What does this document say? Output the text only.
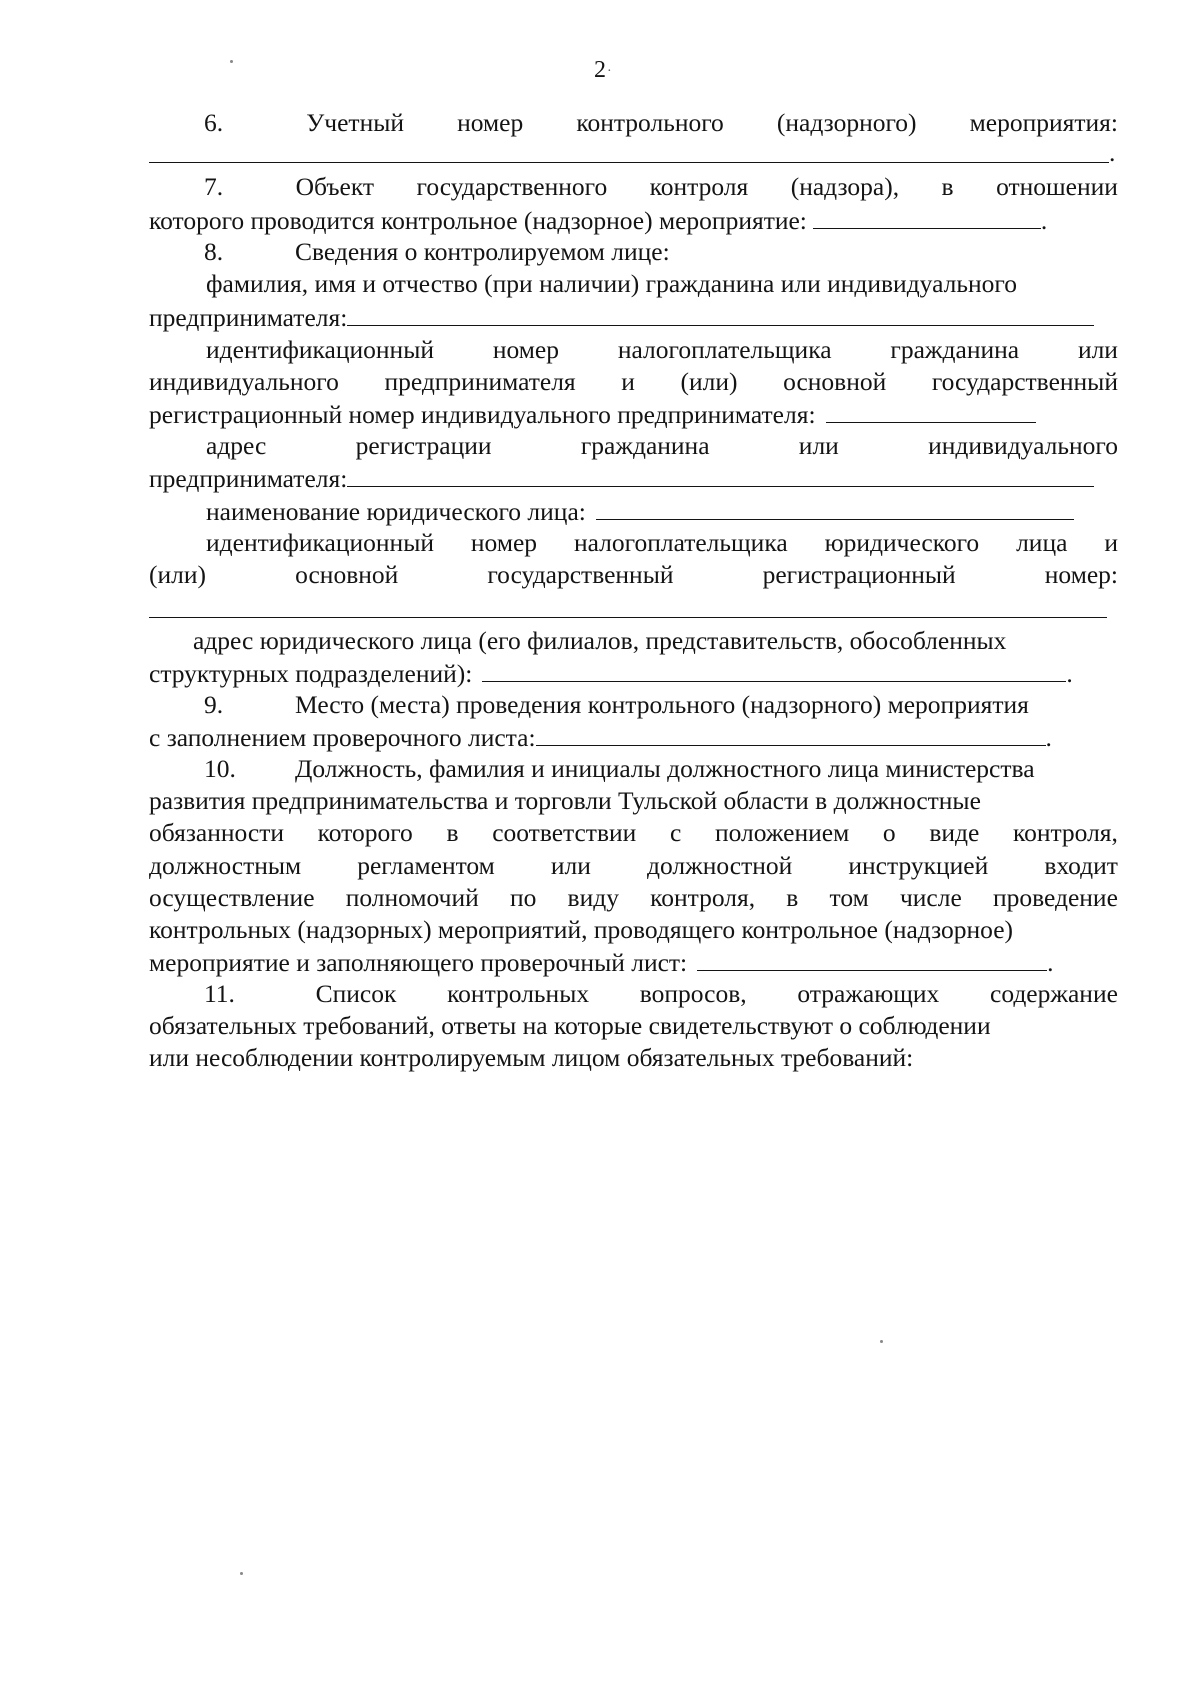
2 ·
6.	Учетный номер контрольного (надзорного) мероприятия:
.
7.	Объект государственного контроля (надзора), в отношении
которого проводится контрольное (надзорное) мероприятие:	.
8.	Сведения о контролируемом лице:
фамилия, имя и отчество (при наличии) гражданина или индивидуального
предпринимателя:
идентификационный номер налогоплательщика гражданина или
индивидуального предпринимателя и (или) основной государственный
регистрационный номер индивидуального предпринимателя:
адрес	регистрации	гражданина	или	индивидуального
предпринимателя:
наименование юридического лица:
идентификационный номер налогоплательщика юридического лица и
(или)	основной	государственный	регистрационный	номер:
адрес юридического лица (его филиалов, представительств, обособленных
структурных подразделений):	.
9.	Место (места) проведения контрольного (надзорного) мероприятия
с заполнением проверочного листа:	.
10. Должность, фамилия и инициалы должностного лица министерства
развития предпринимательства и торговли Тульской области в должностные
обязанности которого в соответствии с положением о виде контроля,
должностным регламентом или должностной инструкцией входит
осуществление полномочий по виду контроля, в том числе проведение
контрольных (надзорных) мероприятий, проводящего контрольное (надзорное)
мероприятие и заполняющего проверочный лист:	.
11.	Список контрольных вопросов, отражающих содержание
обязательных требований, ответы на которые свидетельствуют о соблюдении
или несоблюдении контролируемым лицом обязательных требований:
